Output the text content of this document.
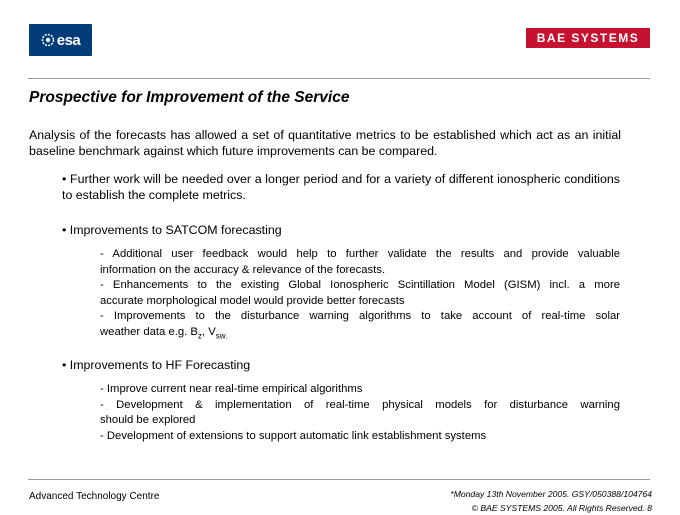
esa	BAE SYSTEMS
Prospective for Improvement of the Service
Analysis of the forecasts has allowed a set of quantitative metrics to be established which act as an initial baseline benchmark against which future improvements can be compared.
• Further work will be needed over a longer period and for a variety of different ionospheric conditions to establish the complete metrics.
• Improvements to SATCOM forecasting
- Additional user feedback would help to further validate the results and provide valuable
information on the accuracy & relevance of the forecasts.
- Enhancements to the existing Global Ionospheric Scintillation Model (GISM) incl. a more
accurate morphological model would provide better forecasts
- Improvements to the disturbance warning algorithms to take account of real-time solar
weather data e.g. $B_z$, $V_{sw.}$
• Improvements to HF Forecasting
- Improve current near real-time empirical algorithms
- Development & implementation of real-time physical models for disturbance warning
should be explored
- Development of extensions to support automatic link establishment systems
Advanced Technology Centre	*Monday 13th November 2005. GSY/050388/104764
© BAE SYSTEMS 2005. All Rights Reserved. 8
